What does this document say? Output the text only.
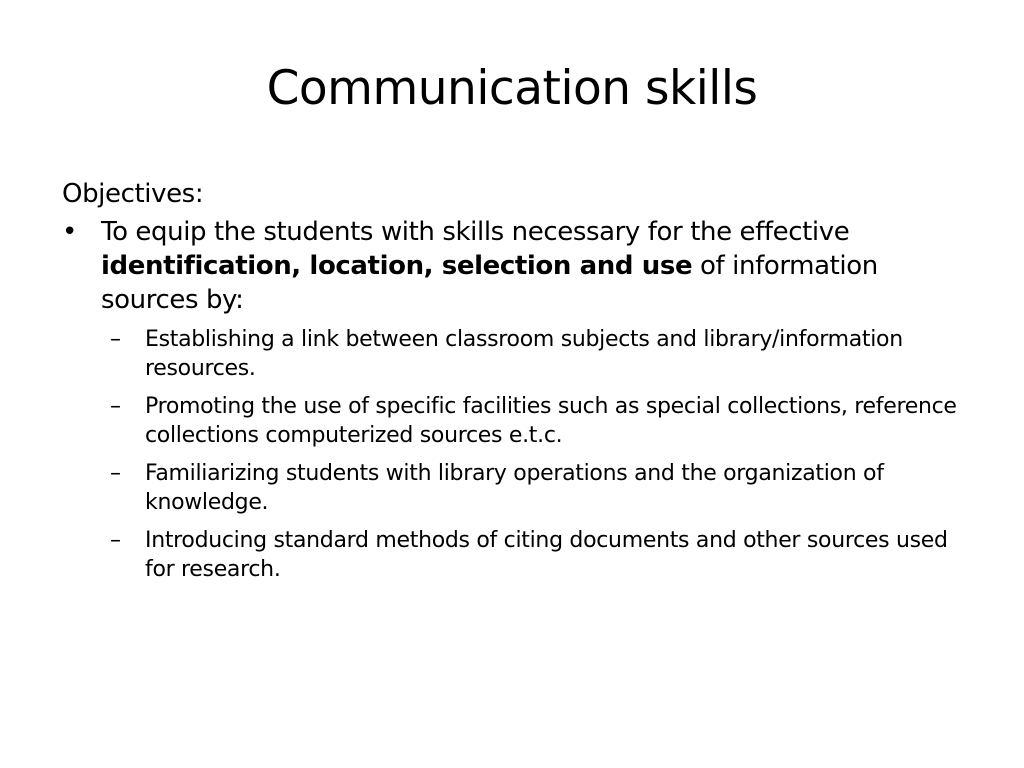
Communication skills
Objectives:
• To equip the students with skills necessary for the effective identification, location, selection and use of information sources by:
– Establishing a link between classroom subjects and library/information resources.
– Promoting the use of specific facilities such as special collections, reference collections computerized sources e.t.c.
– Familiarizing students with library operations and the organization of knowledge.
– Introducing standard methods of citing documents and other sources used for research.
